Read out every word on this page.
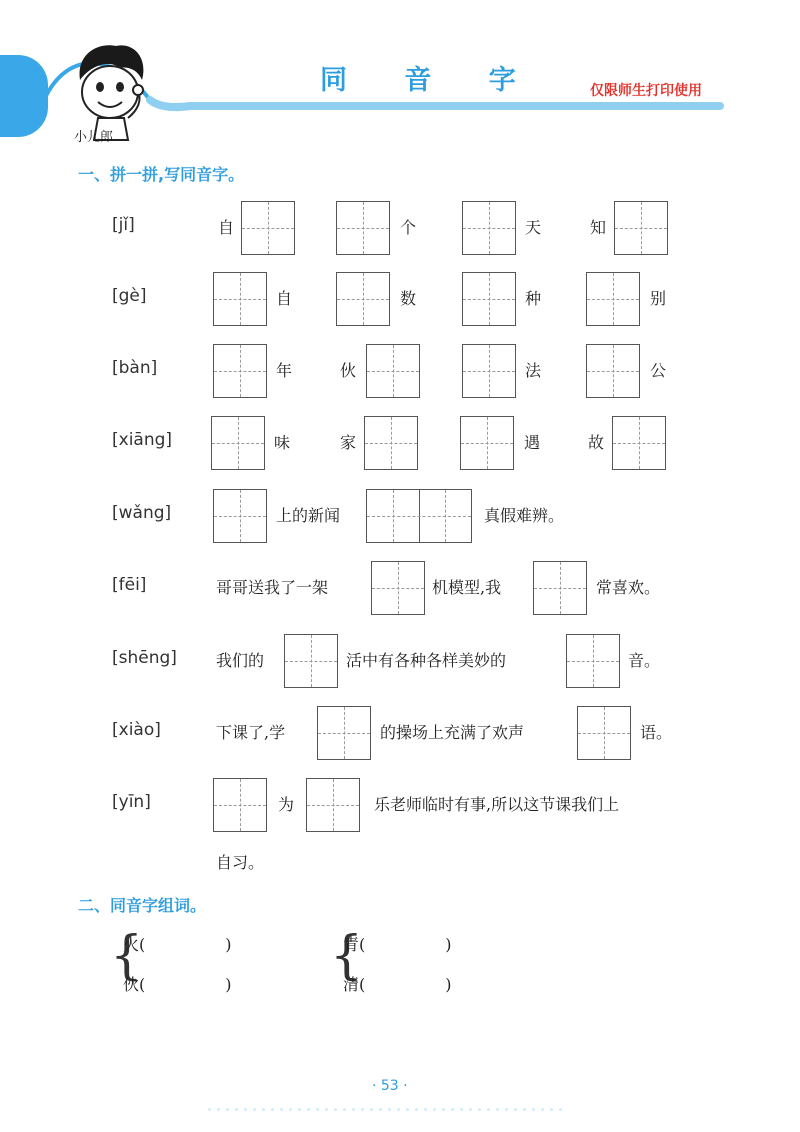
小儿郎
同 音 字	仅限师生打印使用
一、拼一拼,写同音字。
[jǐ]	自	个	天	知
[gè]	自	数	种	别
[bàn]	年	伙	法	公
[xiāng]	味	家	遇	故
[wǎng]	上的新闻	真假难辨。
[fēi]	哥哥送我了一架	机模型,我	常喜欢。
[shēng] 我们的	活中有各种各样美妙的	音。
[xiào]	下课了,学	的操场上充满了欢声	语。
[yīn]	为	乐老师临时有事,所以这节课我们上
自习。
二、同音字组词。
{
火(　　　　　)
伙(　　　　　) {
青(　　　　　)
清(　　　　　)
· 53 ·
